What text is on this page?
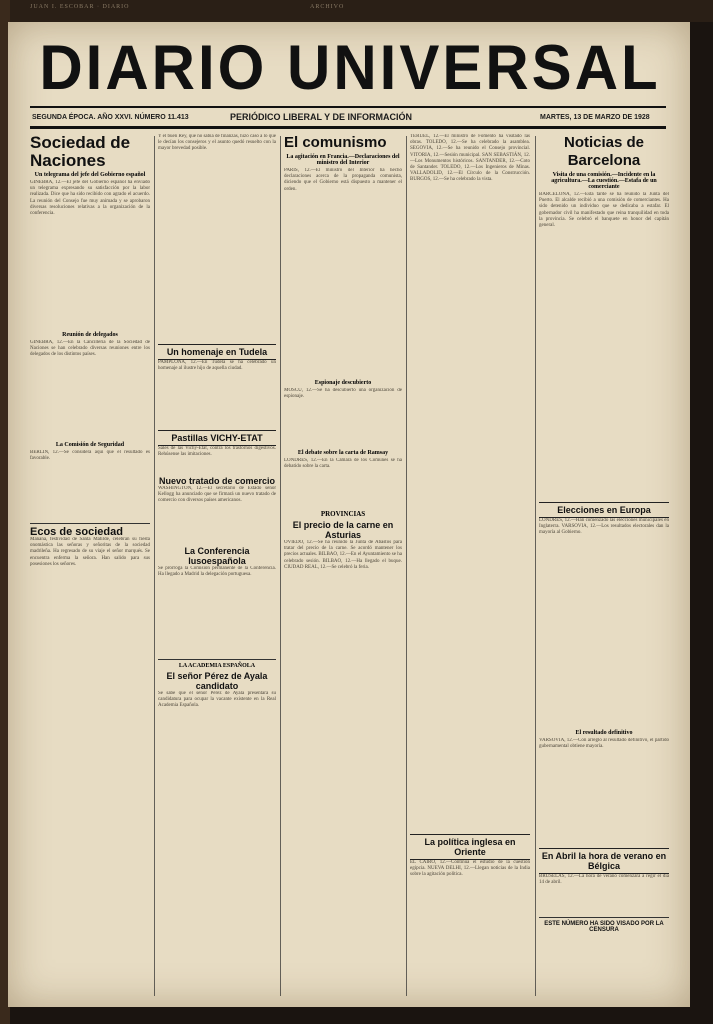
JUAN I. ESCOBAR · DIARIO	ARCHIVO
DIARIO UNIVERSAL
SEGUNDA ÉPOCA. AÑO XXVI. NÚMERO 11.413	PERIÓDICO LIBERAL Y DE INFORMACIÓN	MARTES, 13 DE MARZO DE 1928
Sociedad de Naciones
Un telegrama del jefe del Gobierno español
GINEBRA, 12.—El jefe del Gobierno español ha enviado un telegrama expresando su satisfacción por la labor realizada. Dice que ha sido recibido con agrado el acuerdo. La reunión del Consejo fue muy animada y se aprobaron diversas resoluciones relativas a la organización de la conferencia.
Reunión de delegados
GINEBRA, 12.—En la Cancillería de la Sociedad de Naciones se han celebrado diversas reuniones entre los delegados de los distintos países.
La Comisión de Seguridad
BERLÍN, 12.—Se considera aquí que el resultado es favorable.
Ecos de sociedad
Mañana, festividad de Santa Matilde, celebran su fiesta onomástica las señoras y señoritas de la sociedad madrileña. Ha regresado de su viaje el señor marqués. Se encuentra enferma la señora. Han salido para sus posesiones los señores.
Y el buen Rey, que no sabía de finanzas, hizo caso a lo que le decían los consejeros y el asunto quedó resuelto con la mayor brevedad posible.
Un homenaje en Tudela
PAMPLONA, 12.—En Tudela se ha celebrado un homenaje al ilustre hijo de aquella ciudad.
Pastillas VICHY-ETAT
Sales de las Vichy-Etat, contra los trastornos digestivos. Rehúsense las imitaciones.
Nuevo tratado de comercio
WASHINGTON, 12.—El secretario de Estado señor Kellogg ha anunciado que se firmará un nuevo tratado de comercio con diversos países americanos.
La Conferencia lusoespañola
Se prorroga la Comisión permanente de la Conferencia. Ha llegado a Madrid la delegación portuguesa.
LA ACADEMIA ESPAÑOLA
El señor Pérez de Ayala candidato
Se sabe que el señor Pérez de Ayala presentará su candidatura para ocupar la vacante existente en la Real Academia Española.
El comunismo
La agitación en Francia.—Declaraciones del ministro del Interior
PARÍS, 12.—El ministro del Interior ha hecho declaraciones acerca de la propaganda comunista, diciendo que el Gobierno está dispuesto a mantener el orden.
Espionaje descubierto
MOSCÚ, 12.—Se ha descubierto una organización de espionaje.
El debate sobre la carta de Ramsay
LONDRES, 12.—En la Cámara de los Comunes se ha debatido sobre la carta.
PROVINCIAS
El precio de la carne en Asturias
OVIEDO, 12.—Se ha reunido la Junta de Abastos para tratar del precio de la carne. Se acordó mantener los precios actuales. BILBAO, 12.—En el Ayuntamiento se ha celebrado sesión. BILBAO, 12.—Ha llegado el buque. CIUDAD REAL, 12.—Se celebró la feria.
TERUEL, 12.—El ministro de Fomento ha visitado las obras. TOLEDO, 12.—Se ha celebrado la asamblea. SEGOVIA, 12.—Se ha reunido el Consejo provincial. VITORIA, 12.—Sesión municipal. SAN SEBASTIÁN, 12.—Los Monumentos históricos. SANTANDER, 12.—Coto de Santander. TOLEDO, 12.—Los Ingenieros de Minas. VALLADOLID, 12.—El Círculo de la Construcción. BURGOS, 12.—Se ha celebrado la vista.
La política inglesa en Oriente
EL CAIRO, 12.—Continúa el estudio de la cuestión egipcia. NUEVA DELHI, 12.—Llegan noticias de la India sobre la agitación política.
Noticias de Barcelona
Visita de una comisión.—Incidente en la agricultura.—La cuestión.—Estafa de un comerciante
BARCELONA, 12.—Esta tarde se ha reunido la Junta del Puerto. El alcalde recibió a una comisión de comerciantes. Ha sido detenido un individuo que se dedicaba a estafar. El gobernador civil ha manifestado que reina tranquilidad en toda la provincia. Se celebró el banquete en honor del capitán general.
Elecciones en Europa
LONDRES, 12.—Han comenzado las elecciones municipales en Inglaterra. VARSOVIA, 12.—Los resultados electorales dan la mayoría al Gobierno.
El resultado definitivo
VARSOVIA, 12.—Con arreglo al resultado definitivo, el partido gubernamental obtiene mayoría.
En Abril la hora de verano en Bélgica
BRUSELAS, 12.—La hora de verano comenzará a regir el día 14 de abril.
ESTE NÚMERO HA SIDO VISADO POR LA CENSURA
